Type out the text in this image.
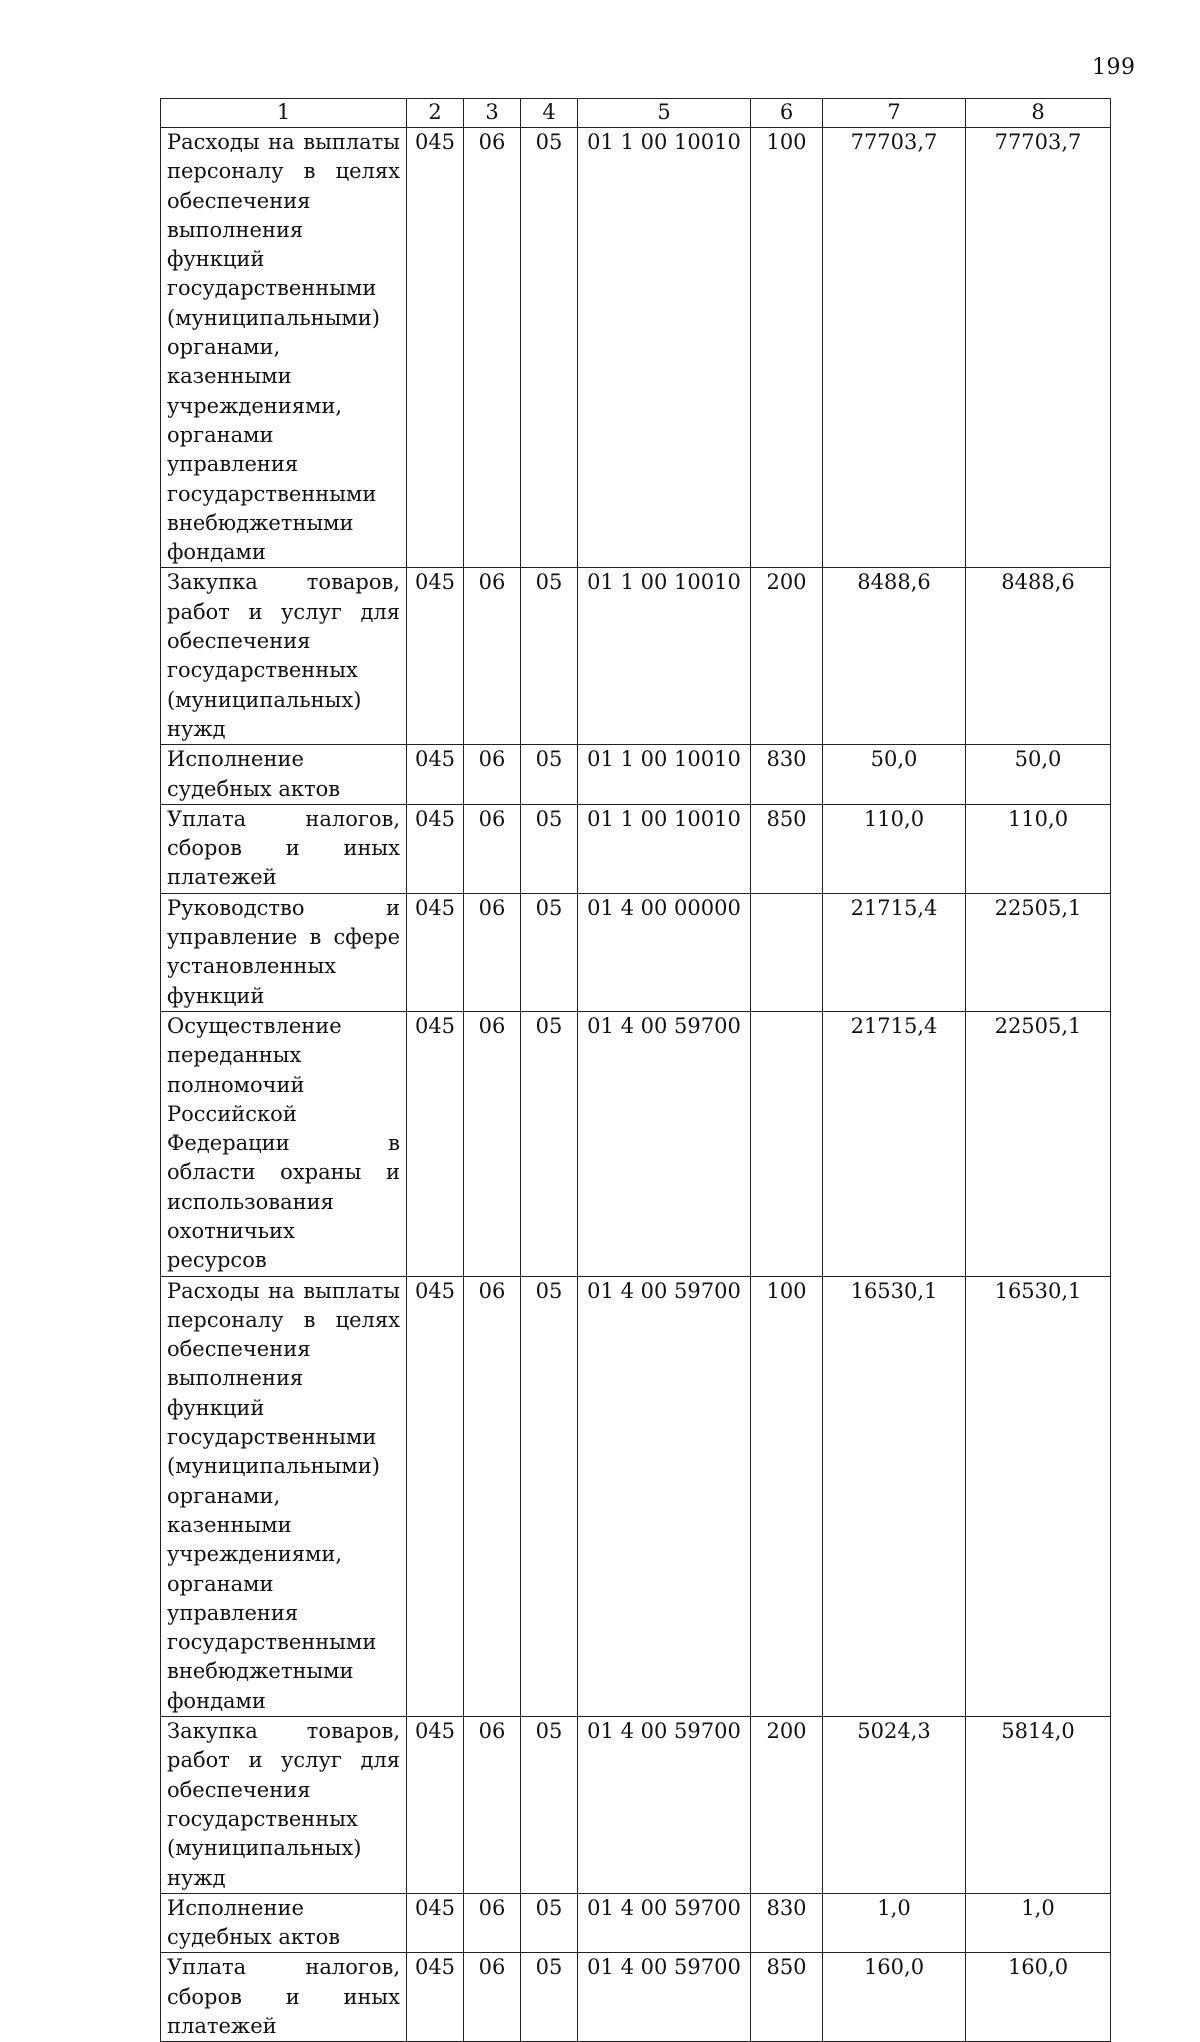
199
1	2	3	4	5	6	7	8
Расходы на выплаты персоналу в целях обеспечения выполнения функций государственными (муниципальными) органами, казенными учреждениями, органами управления государственными внебюджетными фондами	045	06	05	01 1 00 10010	100	77703,7	77703,7
Закупка товаров, работ и услуг для обеспечения государственных (муниципальных) нужд	045	06	05	01 1 00 10010	200	8488,6	8488,6
Исполнение судебных актов	045	06	05	01 1 00 10010	830	50,0	50,0
Уплата налогов, сборов и иных платежей	045	06	05	01 1 00 10010	850	110,0	110,0
Руководство и управление в сфере установленных функций	045	06	05	01 4 00 00000		21715,4	22505,1
Осуществление переданных полномочий Российской Федерации в области охраны и использования охотничьих ресурсов	045	06	05	01 4 00 59700		21715,4	22505,1
Расходы на выплаты персоналу в целях обеспечения выполнения функций государственными (муниципальными) органами, казенными учреждениями, органами управления государственными внебюджетными фондами	045	06	05	01 4 00 59700	100	16530,1	16530,1
Закупка товаров, работ и услуг для обеспечения государственных (муниципальных) нужд	045	06	05	01 4 00 59700	200	5024,3	5814,0
Исполнение судебных актов	045	06	05	01 4 00 59700	830	1,0	1,0
Уплата налогов, сборов и иных платежей	045	06	05	01 4 00 59700	850	160,0	160,0
